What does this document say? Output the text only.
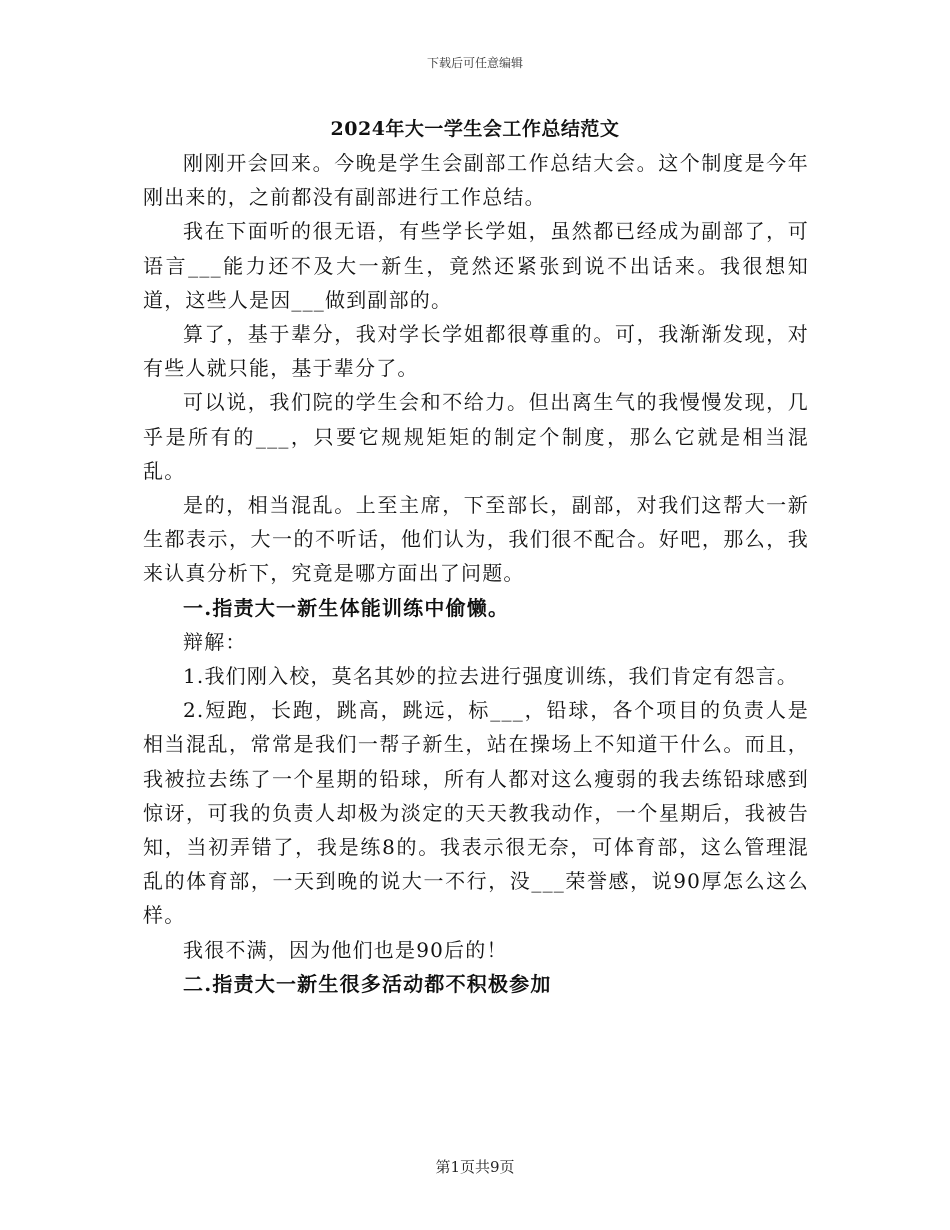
下载后可任意编辑
2024年大一学生会工作总结范文

刚刚开会回来。今晚是学生会副部工作总结大会。这个制度是今年刚出来的，之前都没有副部进行工作总结。

我在下面听的很无语，有些学长学姐，虽然都已经成为副部了，可语言___能力还不及大一新生，竟然还紧张到说不出话来。我很想知道，这些人是因___做到副部的。

算了，基于辈分，我对学长学姐都很尊重的。可，我渐渐发现，对有些人就只能，基于辈分了。

可以说，我们院的学生会和不给力。但出离生气的我慢慢发现，几乎是所有的___，只要它规规矩矩的制定个制度，那么它就是相当混乱。

是的，相当混乱。上至主席，下至部长，副部，对我们这帮大一新生都表示，大一的不听话，他们认为，我们很不配合。好吧，那么，我来认真分析下，究竟是哪方面出了问题。

一.指责大一新生体能训练中偷懒。

辩解：

1.我们刚入校，莫名其妙的拉去进行强度训练，我们肯定有怨言。

2.短跑，长跑，跳高，跳远，标___，铅球，各个项目的负责人是相当混乱，常常是我们一帮子新生，站在操场上不知道干什么。而且，我被拉去练了一个星期的铅球，所有人都对这么瘦弱的我去练铅球感到惊讶，可我的负责人却极为淡定的天天教我动作，一个星期后，我被告知，当初弄错了，我是练8的。我表示很无奈，可体育部，这么管理混乱的体育部，一天到晚的说大一不行，没___荣誉感，说90厚怎么这么样。

我很不满，因为他们也是90后的！

二.指责大一新生很多活动都不积极参加

第1页共9页
